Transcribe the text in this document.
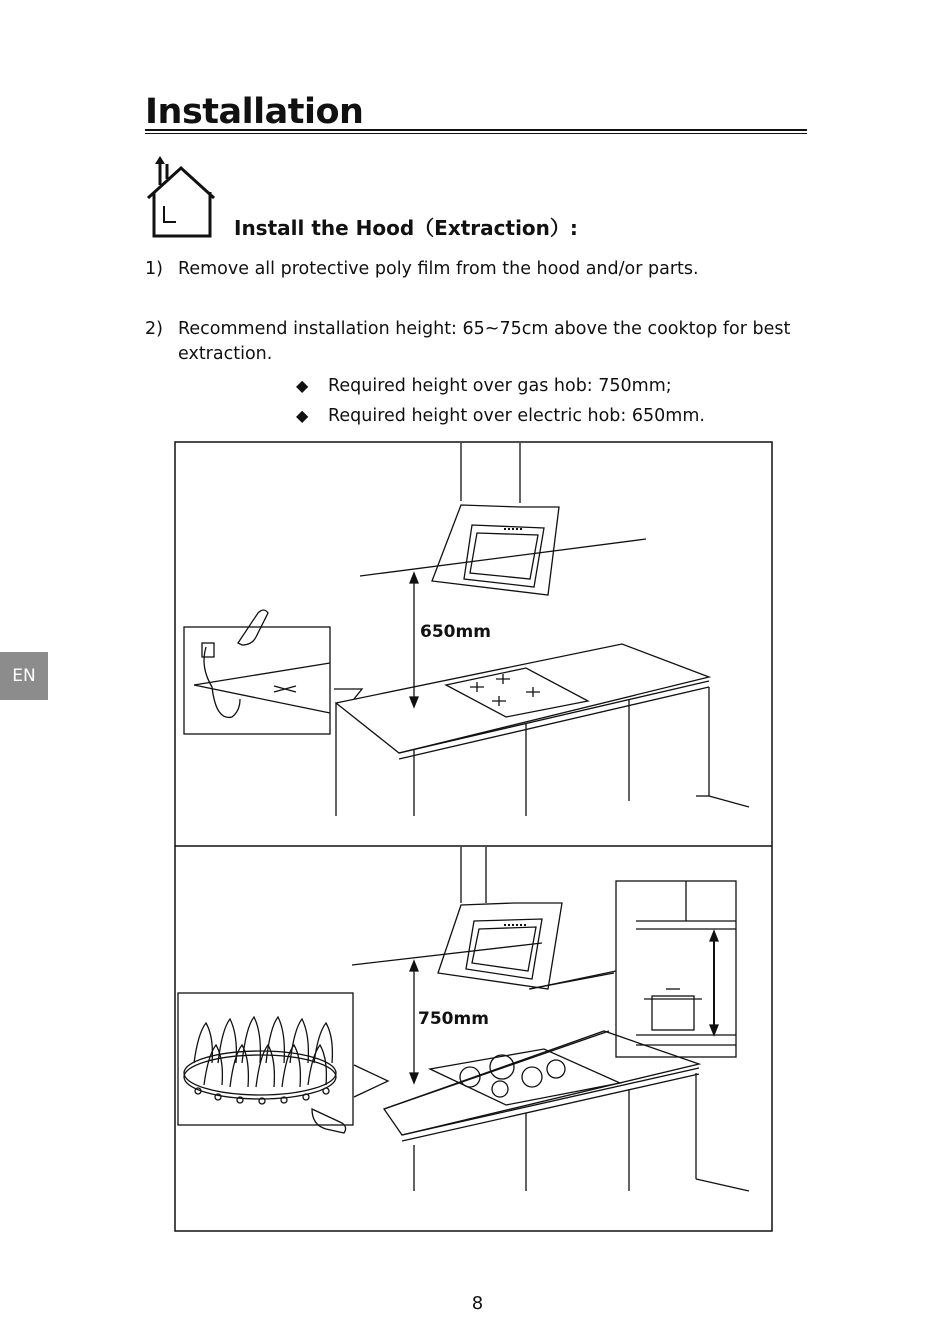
Installation
Install the Hood（Extraction）:
1) Remove all protective poly film from the hood and/or parts.
2) Recommend installation height: 65~75cm above the cooktop for best extraction.
◆ Required height over gas hob: 750mm;
◆ Required height over electric hob: 650mm.
650mm
750mm
EN
8
